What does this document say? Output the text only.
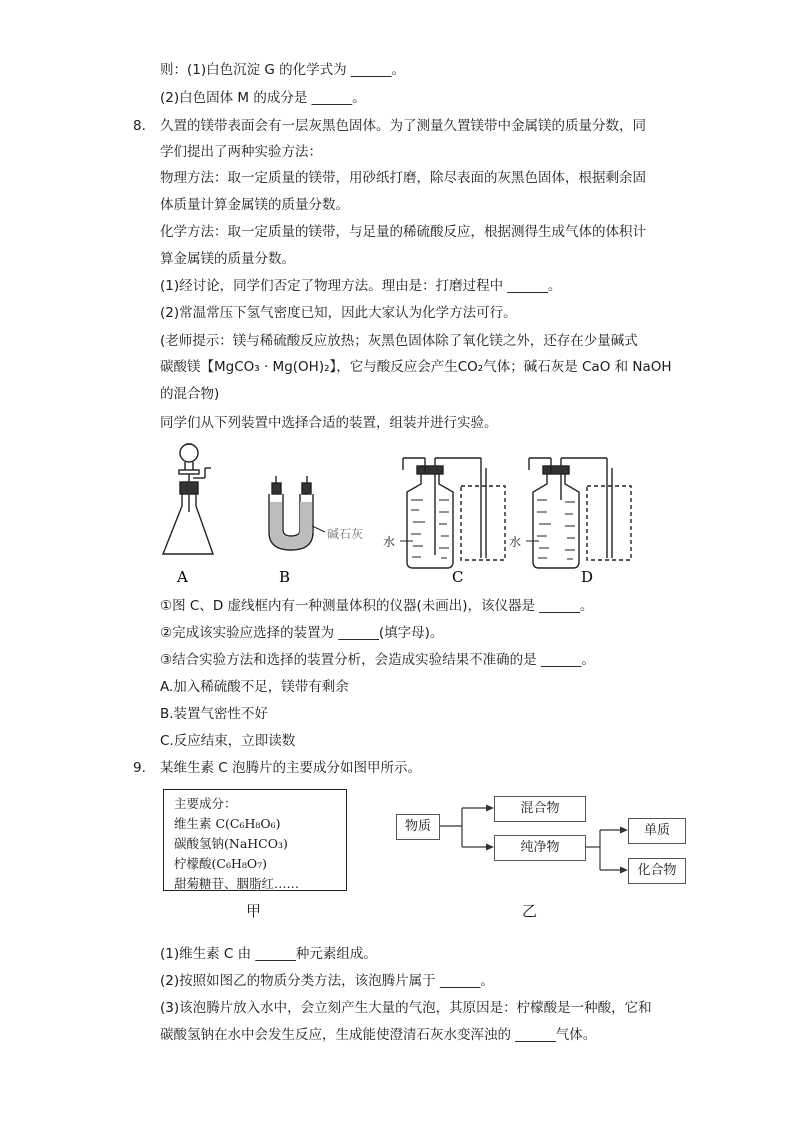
则：(1)白色沉淀 G 的化学式为 ______。
(2)白色固体 M 的成分是 ______。
8. 久置的镁带表面会有一层灰黑色固体。为了测量久置镁带中金属镁的质量分数，同
学们提出了两种实验方法：
物理方法：取一定质量的镁带，用砂纸打磨，除尽表面的灰黑色固体，根据剩余固
体质量计算金属镁的质量分数。
化学方法：取一定质量的镁带，与足量的稀硫酸反应，根据测得生成气体的体积计
算金属镁的质量分数。
(1)经讨论，同学们否定了物理方法。理由是：打磨过程中 ______。
(2)常温常压下氢气密度已知，因此大家认为化学方法可行。
(老师提示：镁与稀硫酸反应放热；灰黑色固体除了氧化镁之外，还存在少量碱式
碳酸镁【MgCO₃ · Mg(OH)₂】，它与酸反应会产生CO₂气体；碱石灰是 CaO 和 NaOH
的混合物)
同学们从下列装置中选择合适的装置，组装并进行实验。
碱石灰
水	水
A	B	C	D
①图 C、D 虚线框内有一种测量体积的仪器(未画出)，该仪器是 ______。
②完成该实验应选择的装置为 ______(填字母)。
③结合实验方法和选择的装置分析，会造成实验结果不准确的是 ______。
A.加入稀硫酸不足，镁带有剩余
B.装置气密性不好
C.反应结束，立即读数
9. 某维生素 C 泡腾片的主要成分如图甲所示。
主要成分：
维生素 C(C₆H₈O₆)
碳酸氢钠(NaHCO₃)
柠檬酸(C₆H₈O₇)
甜菊糖苷、胭脂红……
甲
物质
混合物
纯净物
单质
化合物
乙
(1)维生素 C 由 ______种元素组成。
(2)按照如图乙的物质分类方法，该泡腾片属于 ______。
(3)该泡腾片放入水中，会立刻产生大量的气泡，其原因是：柠檬酸是一种酸，它和
碳酸氢钠在水中会发生反应，生成能使澄清石灰水变浑浊的 ______气体。
